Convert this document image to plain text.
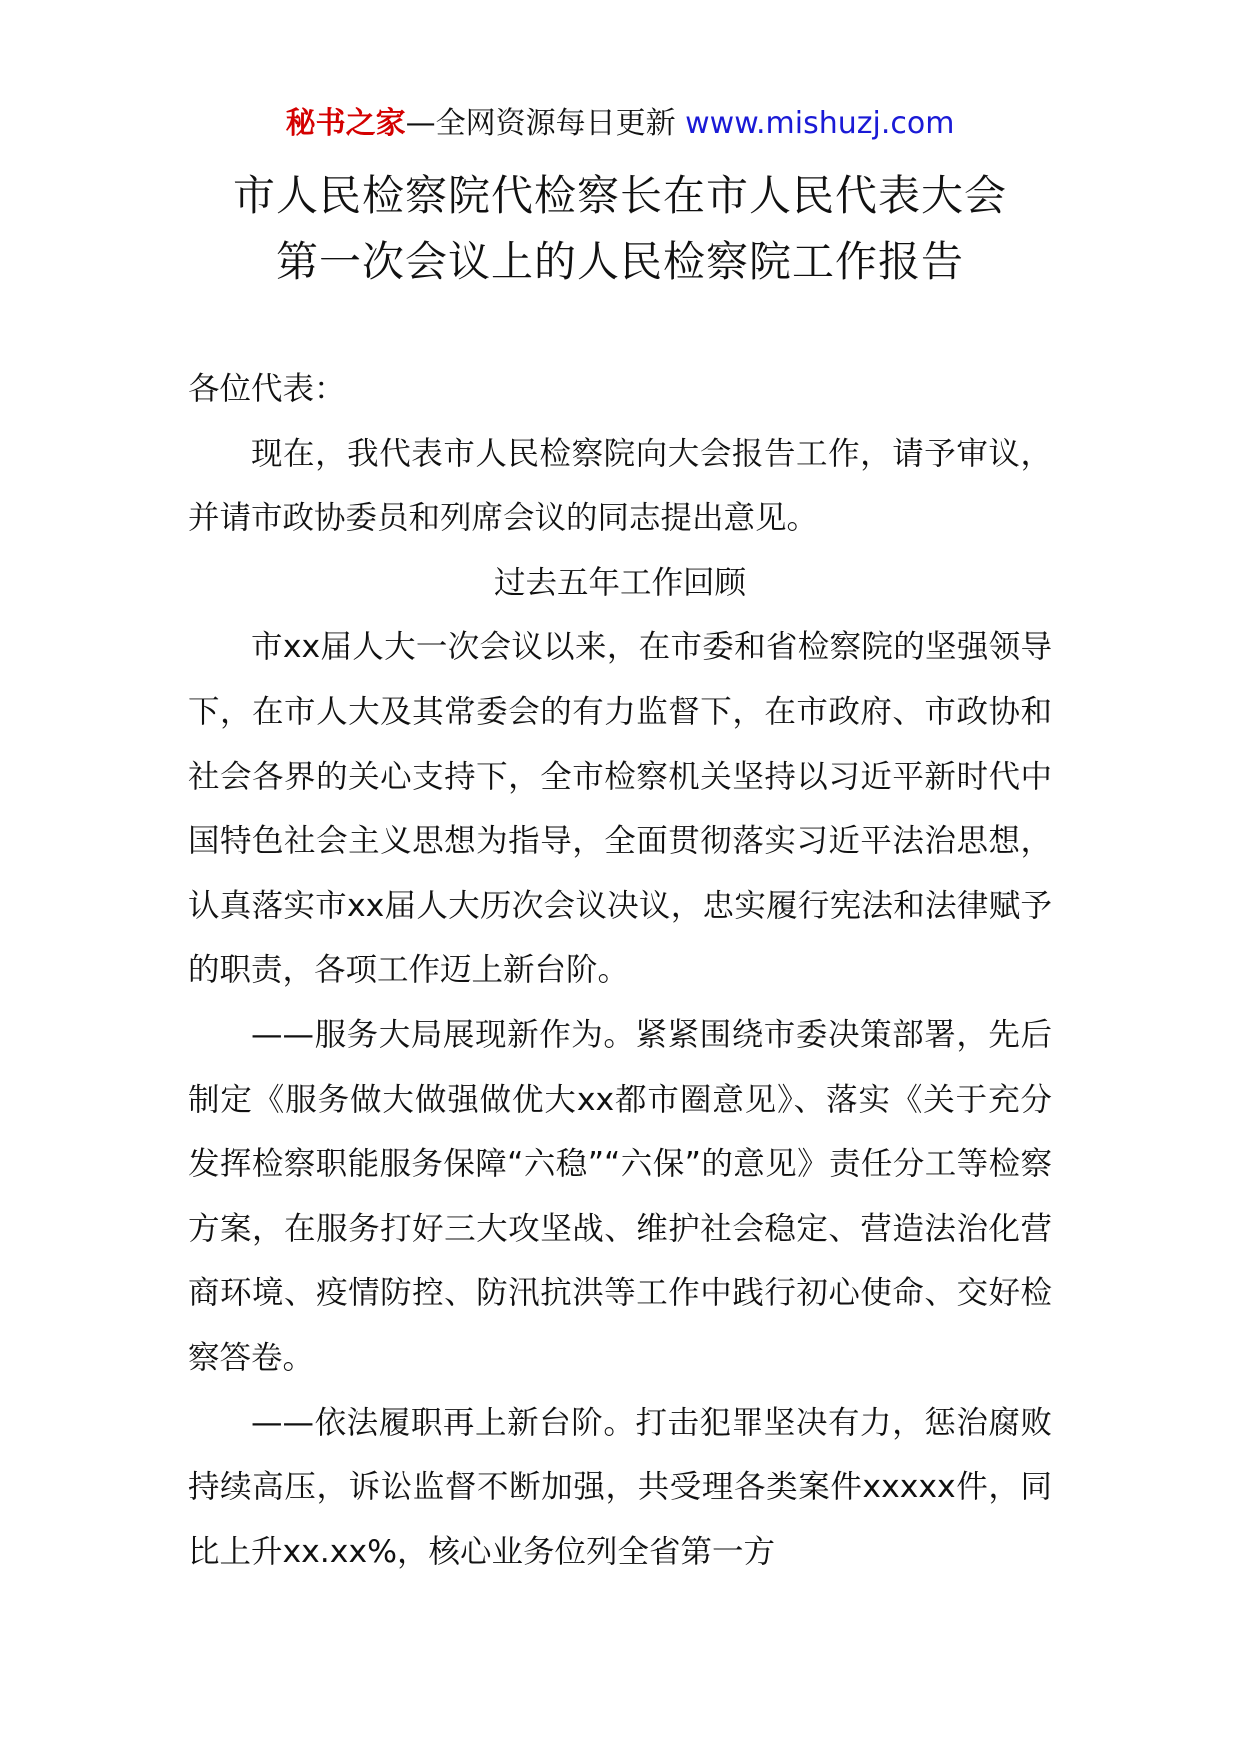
秘书之家—全网资源每日更新 www.mishuzj.com
市人民检察院代检察长在市人民代表大会
第一次会议上的人民检察院工作报告

各位代表：

现在，我代表市人民检察院向大会报告工作，请予审议，并请市政协委员和列席会议的同志提出意见。

过去五年工作回顾

市xx届人大一次会议以来，在市委和省检察院的坚强领导下，在市人大及其常委会的有力监督下，在市政府、市政协和社会各界的关心支持下，全市检察机关坚持以习近平新时代中国特色社会主义思想为指导，全面贯彻落实习近平法治思想，认真落实市xx届人大历次会议决议，忠实履行宪法和法律赋予的职责，各项工作迈上新台阶。

——服务大局展现新作为。紧紧围绕市委决策部署，先后制定《服务做大做强做优大xx都市圈意见》、落实《关于充分发挥检察职能服务保障“六稳”“六保”的意见》责任分工等检察方案，在服务打好三大攻坚战、维护社会稳定、营造法治化营商环境、疫情防控、防汛抗洪等工作中践行初心使命、交好检察答卷。

——依法履职再上新台阶。打击犯罪坚决有力，惩治腐败持续高压，诉讼监督不断加强，共受理各类案件xxxxx件，同比上升xx.xx%，核心业务位列全省第一方
